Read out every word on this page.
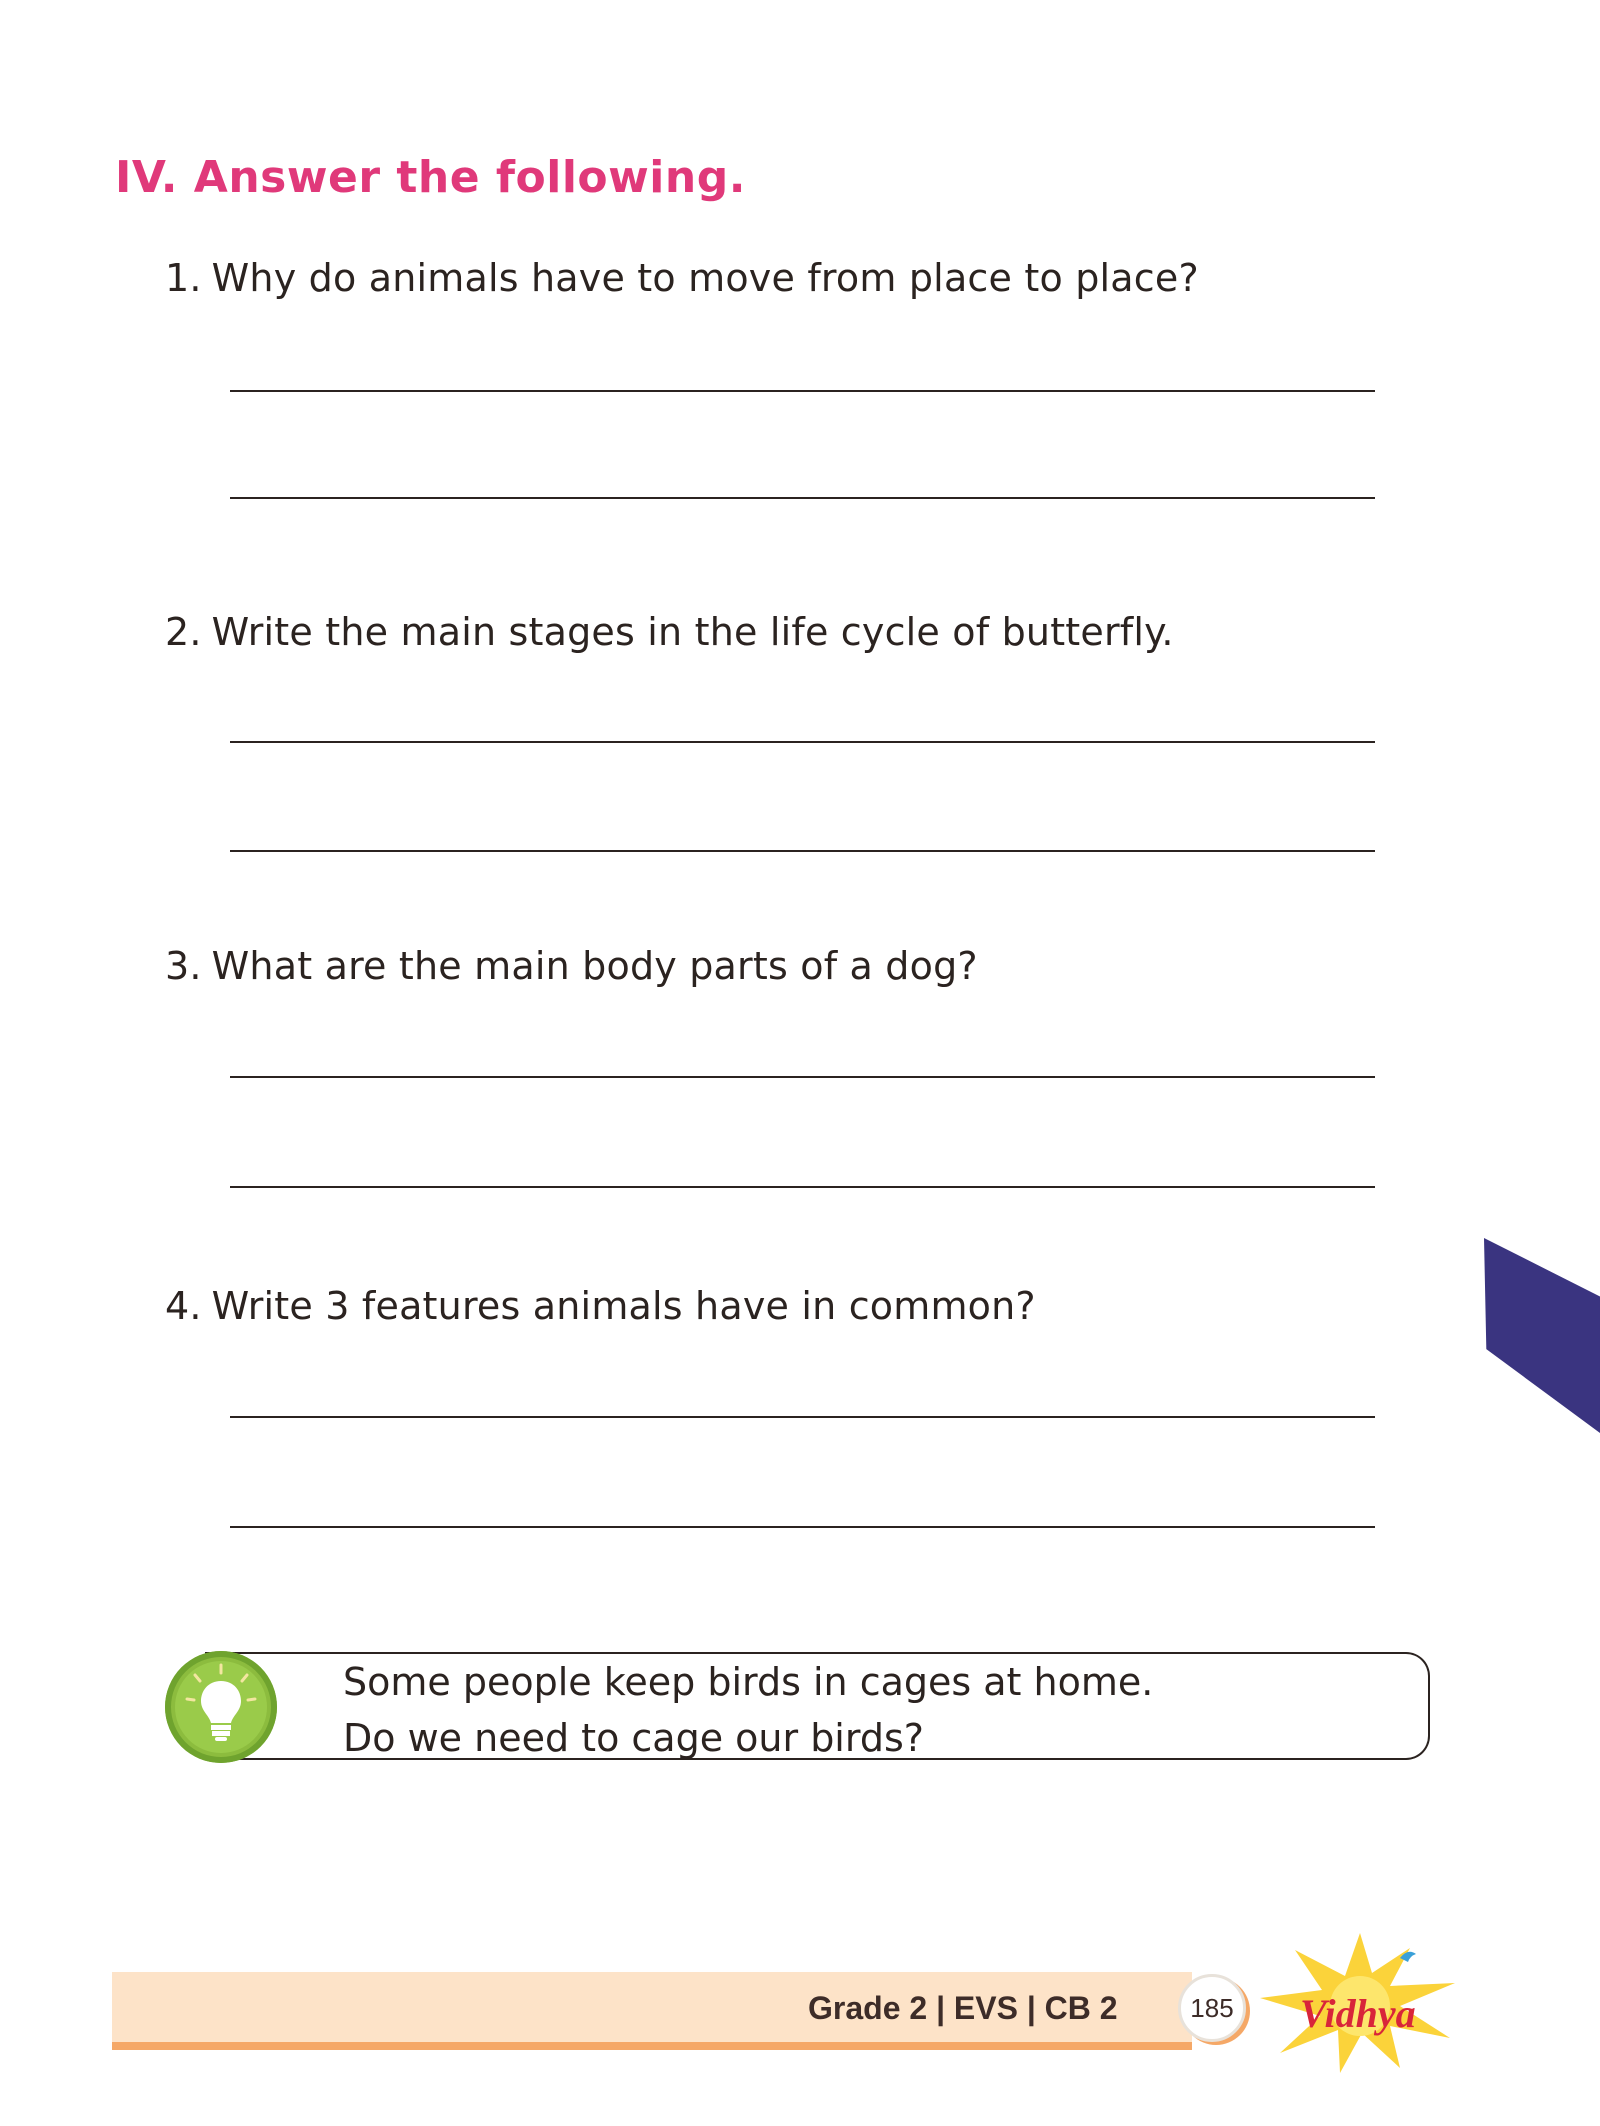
IV. Answer the following.
1. Why do animals have to move from place to place?
2. Write the main stages in the life cycle of butterfly.
3. What are the main body parts of a dog?
4. Write 3 features animals have in common?
Some people keep birds in cages at home.
Do we need to cage our birds?
Grade 2 | EVS | CB 2	185	Vidhya
